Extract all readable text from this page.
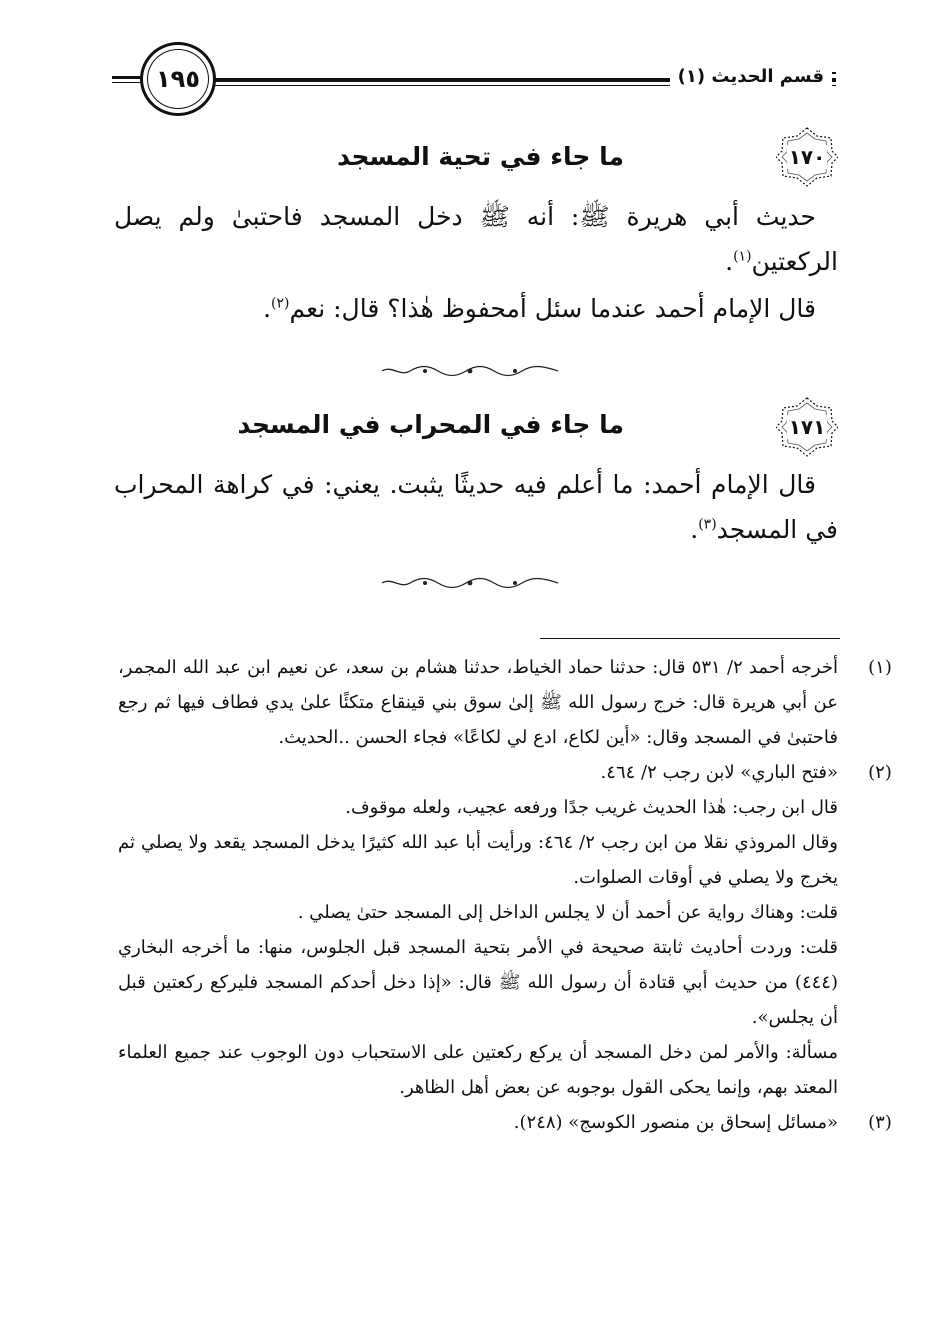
١٩٥	قسم الحديث (١)
١٧٠
ما جاء في تحية المسجد

حديث أبي هريرة ﷺ: أنه ﷺ دخل المسجد فاحتبىٰ ولم يصل الركعتين$^{(١)}$.

قال الإمام أحمد عندما سئل أمحفوظ هٰذا؟ قال: نعم$^{(٢)}$.

١٧١
ما جاء في المحراب في المسجد

قال الإمام أحمد: ما أعلم فيه حديثًا يثبت. يعني: في كراهة المحراب في المسجد$^{(٣)}$.

(١)

أخرجه أحمد ٢/ ٥٣١ قال: حدثنا حماد الخياط، حدثنا هشام بن سعد، عن نعيم ابن عبد الله المجمر، عن أبي هريرة قال: خرج رسول الله ﷺ إلىٰ سوق بني قينقاع متكئًا علىٰ يدي فطاف فيها ثم رجع فاحتبىٰ في المسجد وقال: «أين لكاع، ادع لي لكاعًا» فجاء الحسن ..الحديث.

(٢)

«فتح الباري» لابن رجب ٢/ ٤٦٤.

قال ابن رجب: هٰذا الحديث غريب جدًا ورفعه عجيب، ولعله موقوف.

وقال المروذي نقلا من ابن رجب ٢/ ٤٦٤: ورأيت أبا عبد الله كثيرًا يدخل المسجد يقعد ولا يصلي ثم يخرج ولا يصلي في أوقات الصلوات.

قلت: وهناك رواية عن أحمد أن لا يجلس الداخل إلى المسجد حتىٰ يصلي .

قلت: وردت أحاديث ثابتة صحيحة في الأمر بتحية المسجد قبل الجلوس، منها: ما أخرجه البخاري (٤٤٤) من حديث أبي قتادة أن رسول الله ﷺ قال: «إذا دخل أحدكم المسجد فليركع ركعتين قبل أن يجلس».

مسألة: والأمر لمن دخل المسجد أن يركع ركعتين على الاستحباب دون الوجوب عند جميع العلماء المعتد بهم، وإنما يحكى القول بوجوبه عن بعض أهل الظاهر.

(٣)

«مسائل إسحاق بن منصور الكوسج» (٢٤٨).
